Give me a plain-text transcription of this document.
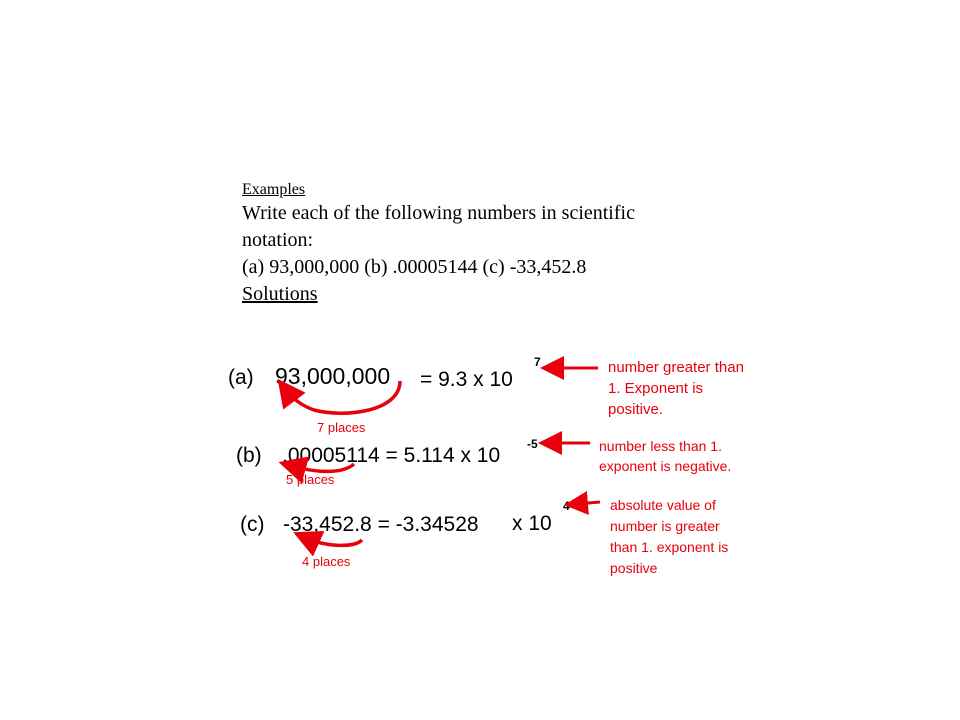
Examples
Write each of the following numbers in scientific
notation:
(a) 93,000,000 (b) .00005144 (c) -33,452.8
Solutions
(a) 93,000,000 = 9.3 x 10
7
7 places
number greater than 1. Exponent is positive.
(b) .00005114 = 5.114 x 10 -5
5 places
number less than 1. exponent is negative.
(c) -33,452.8 = -3.34528 x 10
4
4 places
absolute value of number is greater than 1. exponent is positive
